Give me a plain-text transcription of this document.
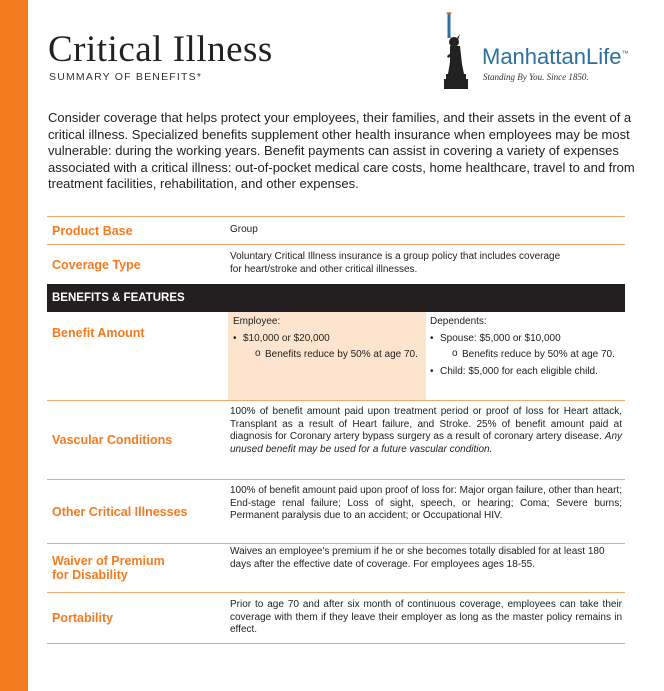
Critical Illness
SUMMARY OF BENEFITS*
ManhattanLife™
Standing By You. Since 1850.

Consider coverage that helps protect your employees, their families, and their assets in the event of a critical illness. Specialized benefits supplement other health insurance when employees may be most vulnerable: during the working years. Benefit payments can assist in covering a variety of expenses associated with a critical illness: out-of-pocket medical care costs, home healthcare, travel to and from treatment facilities, rehabilitation, and other expenses.

Product Base	Group
Coverage Type
Voluntary Critical Illness insurance is a group policy that includes coverage for heart/stroke and other critical illnesses.
BENEFITS & FEATURES
Benefit Amount
Employee:
• $10,000 or $20,000
o Benefits reduce by 50% at age 70.
Dependents:
• Spouse: $5,000 or $10,000
o Benefits reduce by 50% at age 70.
• Child: $5,000 for each eligible child.
Vascular Conditions
100% of benefit amount paid upon treatment period or proof of loss for Heart attack, Transplant as a result of Heart failure, and Stroke. 25% of benefit amount paid at diagnosis for Coronary artery bypass surgery as a result of coronary artery disease. Any unused benefit may be used for a future vascular condition.
Other Critical Illnesses
100% of benefit amount paid upon proof of loss for: Major organ failure, other than heart; End-stage renal failure; Loss of sight, speech, or hearing; Coma; Severe burns; Permanent paralysis due to an accident; or Occupational HIV.
Waiver of Premium
for Disability
Waives an employee's premium if he or she becomes totally disabled for at least 180 days after the effective date of coverage. For employees ages 18-55.
Portability
Prior to age 70 and after six month of continuous coverage, employees can take their coverage with them if they leave their employer as long as the master policy remains in effect.
